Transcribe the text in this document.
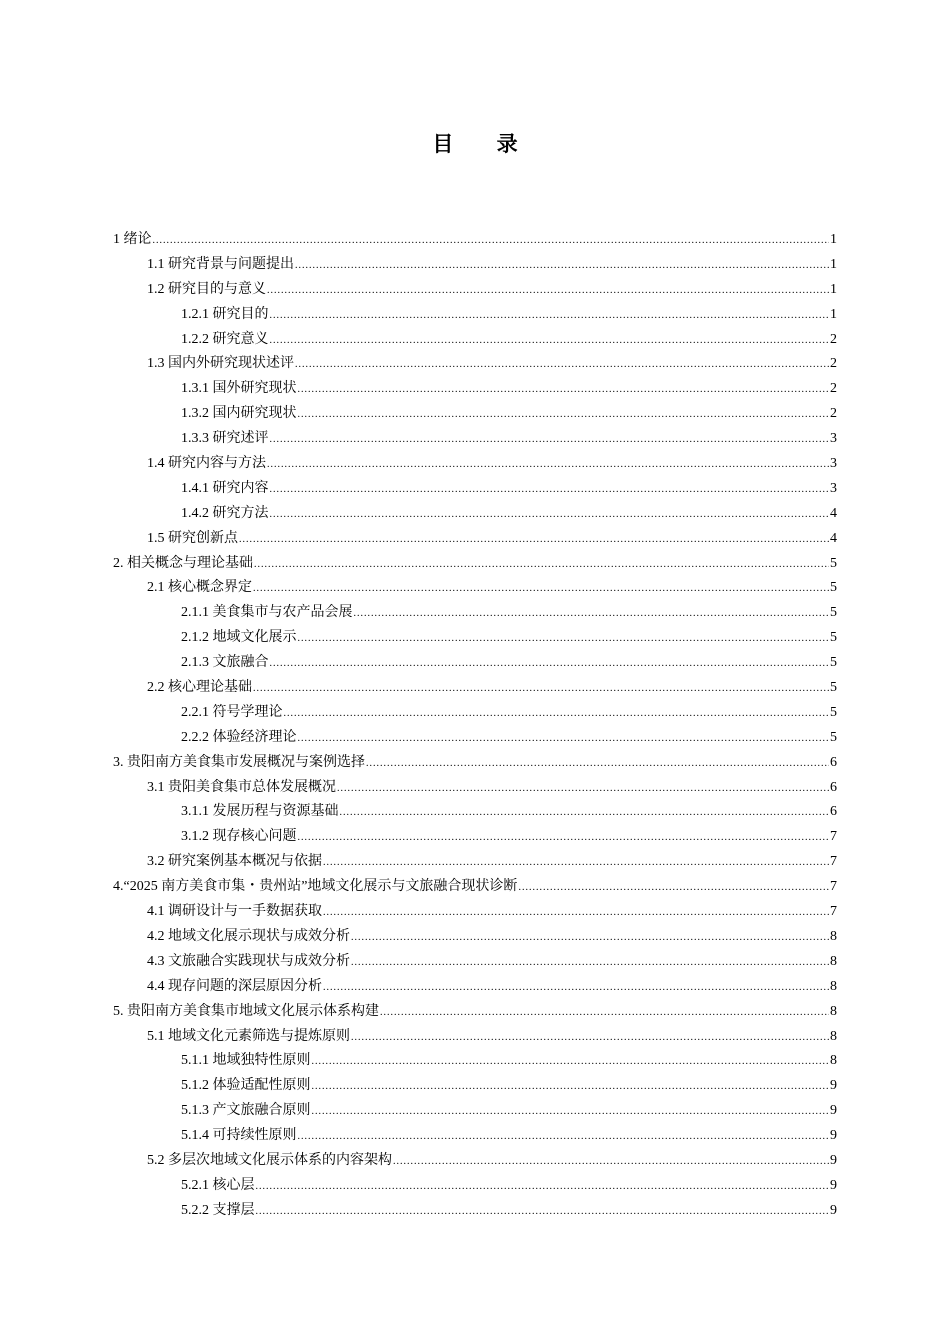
目 录
1 绪论 .....	1
1.1 研究背景与问题提出 .....	1
1.2 研究目的与意义 .....	1
1.2.1 研究目的 .....	1
1.2.2 研究意义 .....	2
1.3 国内外研究现状述评 .....	2
1.3.1 国外研究现状 .....	2
1.3.2 国内研究现状 .....	2
1.3.3 研究述评 .....	3
1.4 研究内容与方法 .....	3
1.4.1 研究内容 .....	3
1.4.2 研究方法 .....	4
1.5 研究创新点 .....	4
2. 相关概念与理论基础 .....	5
2.1 核心概念界定 .....	5
2.1.1 美食集市与农产品会展 .....	5
2.1.2 地域文化展示 .....	5
2.1.3 文旅融合 .....	5
2.2 核心理论基础 .....	5
2.2.1 符号学理论 .....	5
2.2.2 体验经济理论 .....	5
3. 贵阳南方美食集市发展概况与案例选择 .....	6
3.1 贵阳美食集市总体发展概况 .....	6
3.1.1 发展历程与资源基础 .....	6
3.1.2 现存核心问题 .....	7
3.2 研究案例基本概况与依据 .....	7
4.“2025 南方美食市集・贵州站”地域文化展示与文旅融合现状诊断 .....	7
4.1 调研设计与一手数据获取 .....	7
4.2 地域文化展示现状与成效分析 .....	8
4.3 文旅融合实践现状与成效分析 .....	8
4.4 现存问题的深层原因分析 .....	8
5. 贵阳南方美食集市地域文化展示体系构建 .....	8
5.1 地域文化元素筛选与提炼原则 .....	8
5.1.1 地域独特性原则 .....	8
5.1.2 体验适配性原则 .....	9
5.1.3 产文旅融合原则 .....	9
5.1.4 可持续性原则 .....	9
5.2 多层次地域文化展示体系的内容架构 .....	9
5.2.1 核心层 .....	9
5.2.2 支撑层 .....	9
